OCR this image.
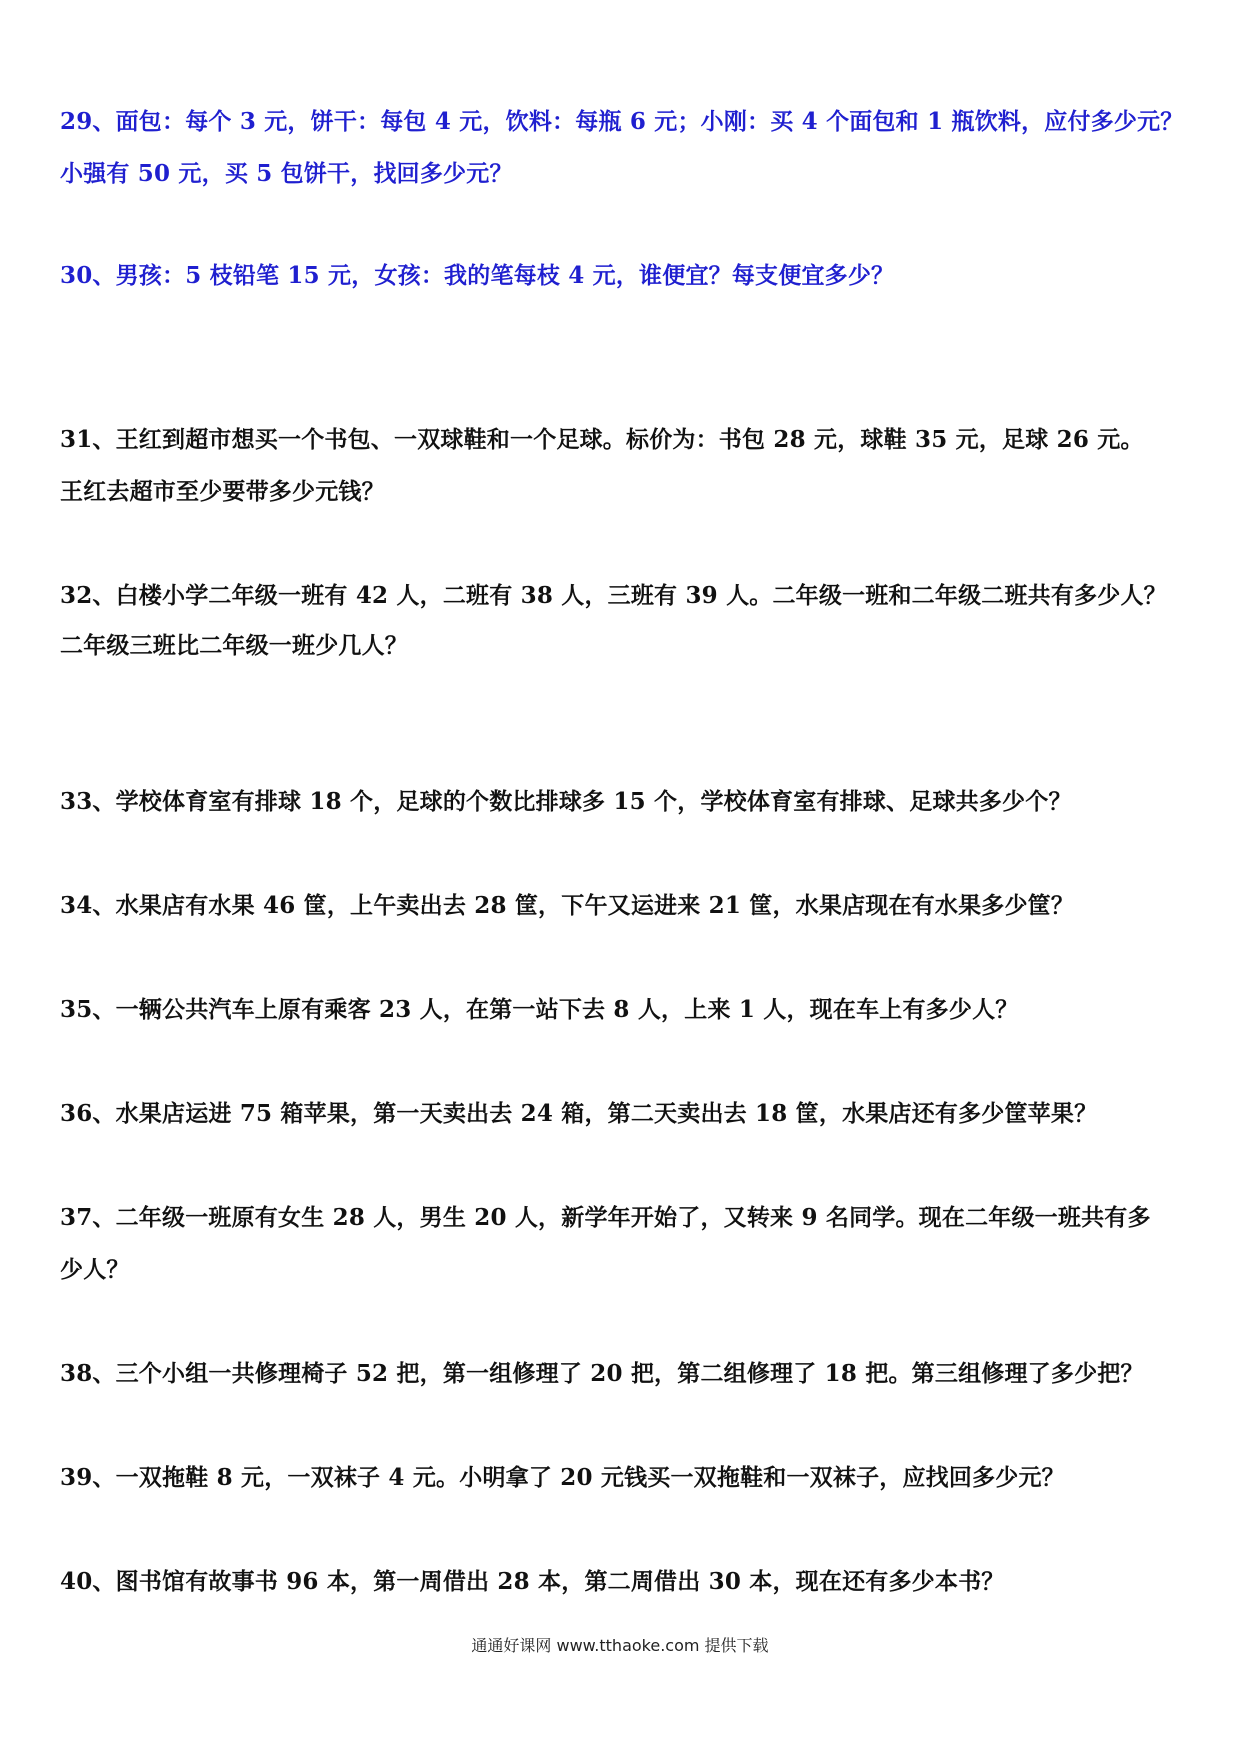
29、面包：每个 3 元，饼干：每包 4 元，饮料：每瓶 6 元；小刚：买 4 个面包和 1 瓶饮料，应付多少元？
小强有 50 元，买 5 包饼干，找回多少元？
30、男孩：5 枝铅笔 15 元，女孩：我的笔每枝 4 元，谁便宜？每支便宜多少？
31、王红到超市想买一个书包、一双球鞋和一个足球。标价为：书包 28 元，球鞋 35 元，足球 26 元。
王红去超市至少要带多少元钱？
32、白楼小学二年级一班有 42 人，二班有 38 人，三班有 39 人。二年级一班和二年级二班共有多少人？
二年级三班比二年级一班少几人？
33、学校体育室有排球 18 个，足球的个数比排球多 15 个，学校体育室有排球、足球共多少个？
34、水果店有水果 46 筐，上午卖出去 28 筐，下午又运进来 21 筐，水果店现在有水果多少筐？
35、一辆公共汽车上原有乘客 23 人，在第一站下去 8 人，上来 1 人，现在车上有多少人？
36、水果店运进 75 箱苹果，第一天卖出去 24 箱，第二天卖出去 18 筐，水果店还有多少筐苹果？
37、二年级一班原有女生 28 人，男生 20 人，新学年开始了，又转来 9 名同学。现在二年级一班共有多
少人？
38、三个小组一共修理椅子 52 把，第一组修理了 20 把，第二组修理了 18 把。第三组修理了多少把？
39、一双拖鞋 8 元，一双袜子 4 元。小明拿了 20 元钱买一双拖鞋和一双袜子，应找回多少元？
40、图书馆有故事书 96 本，第一周借出 28 本，第二周借出 30 本，现在还有多少本书？
通通好课网 www.tthaoke.com 提供下载
